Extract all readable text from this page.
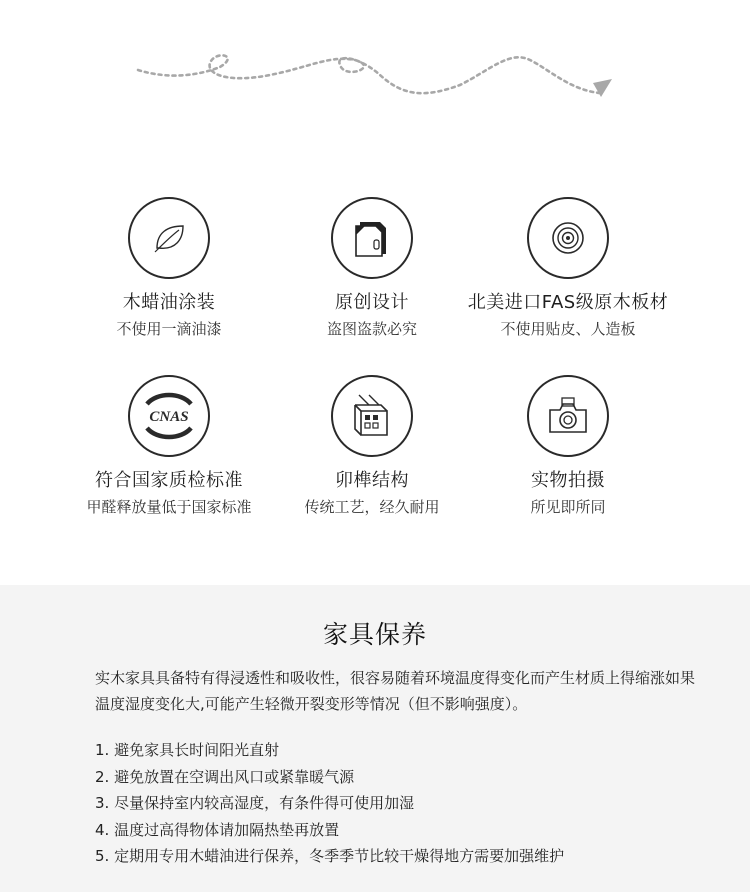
木蜡油涂装
不使用一滴油漆
原创设计
盗图盗款必究
北美进口FAS级原木板材
不使用贴皮、人造板
CNAS
符合国家质检标准
甲醛释放量低于国家标准
卯榫结构
传统工艺，经久耐用
实物拍摄
所见即所同
家具保养
实木家具具备特有得浸透性和吸收性，很容易随着环境温度得变化而产生材质上得缩涨如果温度湿度变化大,可能产生轻微开裂变形等情况（但不影响强度）。
1. 避免家具长时间阳光直射
2. 避免放置在空调出风口或紧靠暖气源
3. 尽量保持室内较高湿度，有条件得可使用加湿
4. 温度过高得物体请加隔热垫再放置
5. 定期用专用木蜡油进行保养，冬季季节比较干燥得地方需要加强维护
